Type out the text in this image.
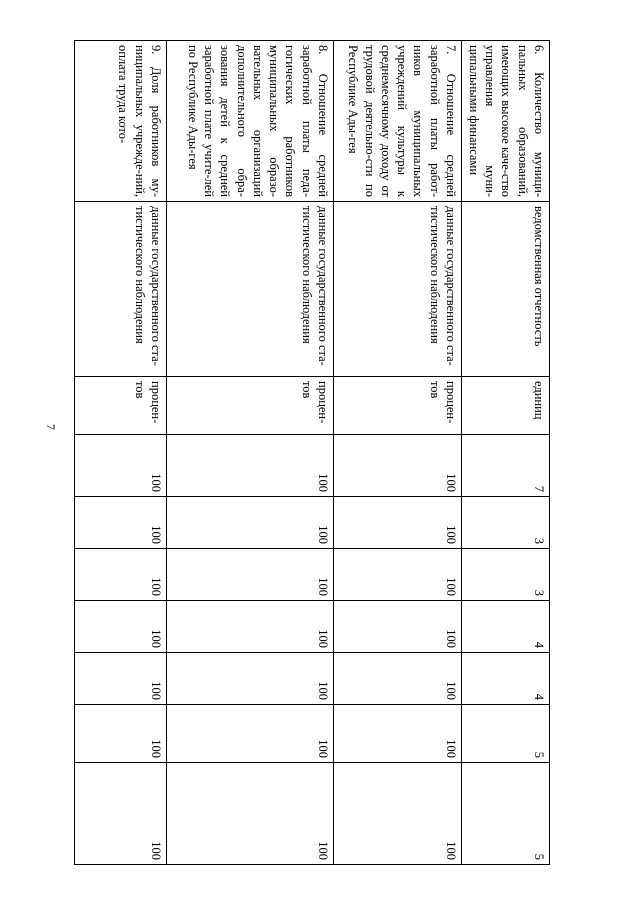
7
6. Количество муници-пальных образований, имеющих высокое каче-ство управления муни-ципальными финансами	ведомственная отчетность	единиц	7	3	3	4	4	5	5	
7. Отношение средней заработной платы работ-ников муниципальных учреждений культуры к среднемесячному доходу от трудовой деятельно-сти по Республике Ады-гея	данные государственного ста-тистического наблюдения	процен-тов	100	100	100	100	100	100	100	
8. Отношение средней заработной платы педа-гогических работников муниципальных образо-вательных организаций дополнительного обра-зования детей к средней заработной плате учите-лей по Республике Ады-гея	данные государственного ста-тистического наблюдения	процен-тов	100	100	100	100	100	100	100	
9. Доля работников му-ниципальных учрежде-ний, оплата труда кото-	данные государственного ста-тистического наблюдения	процен-тов	100	100	100	100	100	100	100	
